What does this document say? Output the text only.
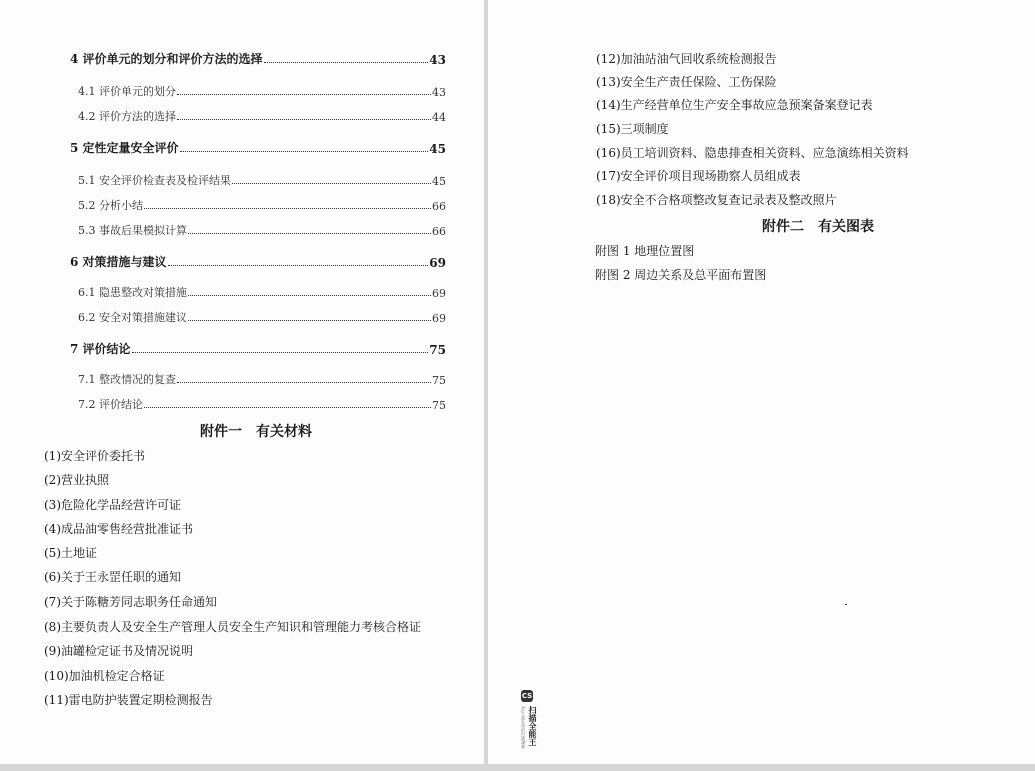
4 评价单元的划分和评价方法的选择	43
4.1 评价单元的划分	43
4.2 评价方法的选择	44
5 定性定量安全评价	45
5.1 安全评价检查表及检评结果	45
5.2 分析小结	66
5.3 事故后果模拟计算	66
6 对策措施与建议	69
6.1 隐患整改对策措施	69
6.2 安全对策措施建议	69
7 评价结论	75
7.1 整改情况的复查	75
7.2 评价结论	75
附件一　有关材料
(1)安全评价委托书
(2)营业执照
(3)危险化学品经营许可证
(4)成品油零售经营批准证书
(5)土地证
(6)关于王永罡任职的通知
(7)关于陈糖芳同志职务任命通知
(8)主要负责人及安全生产管理人员安全生产知识和管理能力考核合格证
(9)油罐检定证书及情况说明
(10)加油机检定合格证
(11)雷电防护装置定期检测报告
(12)加油站油气回收系统检测报告
(13)安全生产责任保险、工伤保险
(14)生产经营单位生产安全事故应急预案备案登记表
(15)三项制度
(16)员工培训资料、隐患排查相关资料、应急演练相关资料
(17)安全评价项目现场勘察人员组成表
(18)安全不合格项整改复查记录表及整改照片
附件二　有关图表
附图 1 地理位置图
附图 2 周边关系及总平面布置图
CS
扫描全能王
3亿人都在用的扫描App
